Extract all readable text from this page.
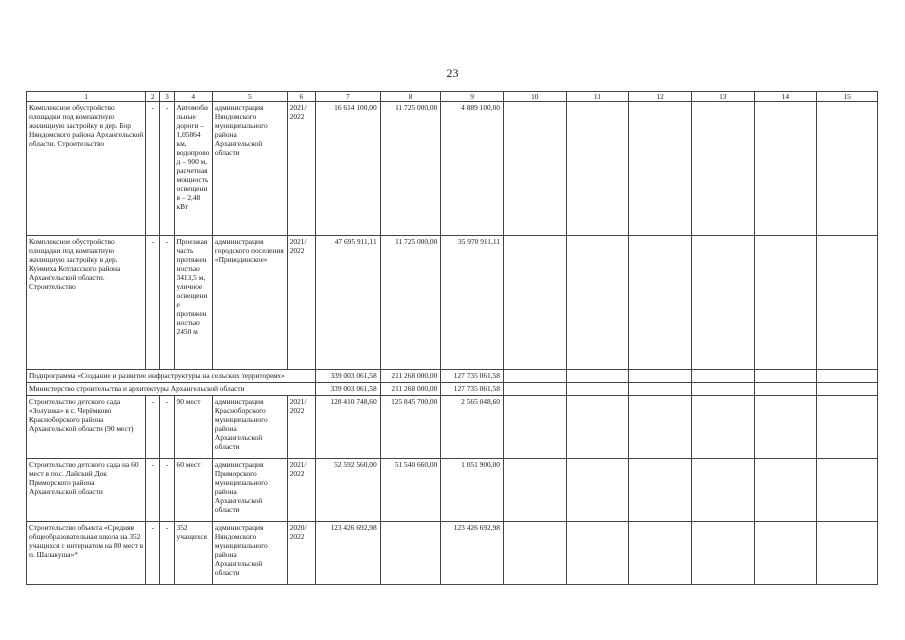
23
1	2	3	4	5	6	7	8	9	10	11	12	13	14	15
Комплексное обустройство площадки под компактную жилищную застройку в дер. Бор Няндомского района Архангельской области. Строительство	-	-	Автомобильные дороги – 1,05864 км, водопровод – 900 м, расчетная мощность освещения – 2,48 кВт	администрация Няндомского муниципального района Архангельской области	2021/ 2022	16 614 100,00	11 725 000,00	4 889 100,00						
Комплексное обустройство площадки под компактную жилищную застройку в дер. Куимиха Котласского района Архангельской области. Строительство	-	-	Проезжая часть протяженностью 3413,5 м, уличное освещение протяженностью 2450 м	администрация городского поселения «Приводинское»	2021/ 2022	47 695 911,11	11 725 000,00	35 970 911,11						
Подпрограмма «Создание и развитие инфраструктуры на сельских территориях»						339 003 061,58	211 268 000,00	127 735 061,58						
Министерство строительства и архитектуры Архангельской области						339 003 061,58	211 268 000,00	127 735 061,58						
Строительство детского сада «Золушка» в с. Черёмково Красноборского района Архангельской области (90 мест)	-	-	90 мест	администрация Красноборского муниципального района Архангельской области	2021/ 2022	128 410 748,60	125 845 700,00	2 565 048,60						
Строительство детского сада на 60 мест в пос. Лайский Док Приморского района Архангельской области	-	-	60 мест	администрация Приморского муниципального района Архангельской области	2021/ 2022	52 592 560,00	51 540 660,00	1 051 900,00						
Строительство объекта «Средняя общеобразовательная школа на 352 учащихся с интернатом на 80 мест в п. Шалакуша»*	-	-	352 учащихся	администрация Няндомского муниципального района Архангельской области	2020/ 2022	123 426 692,98		123 426 692,98						
